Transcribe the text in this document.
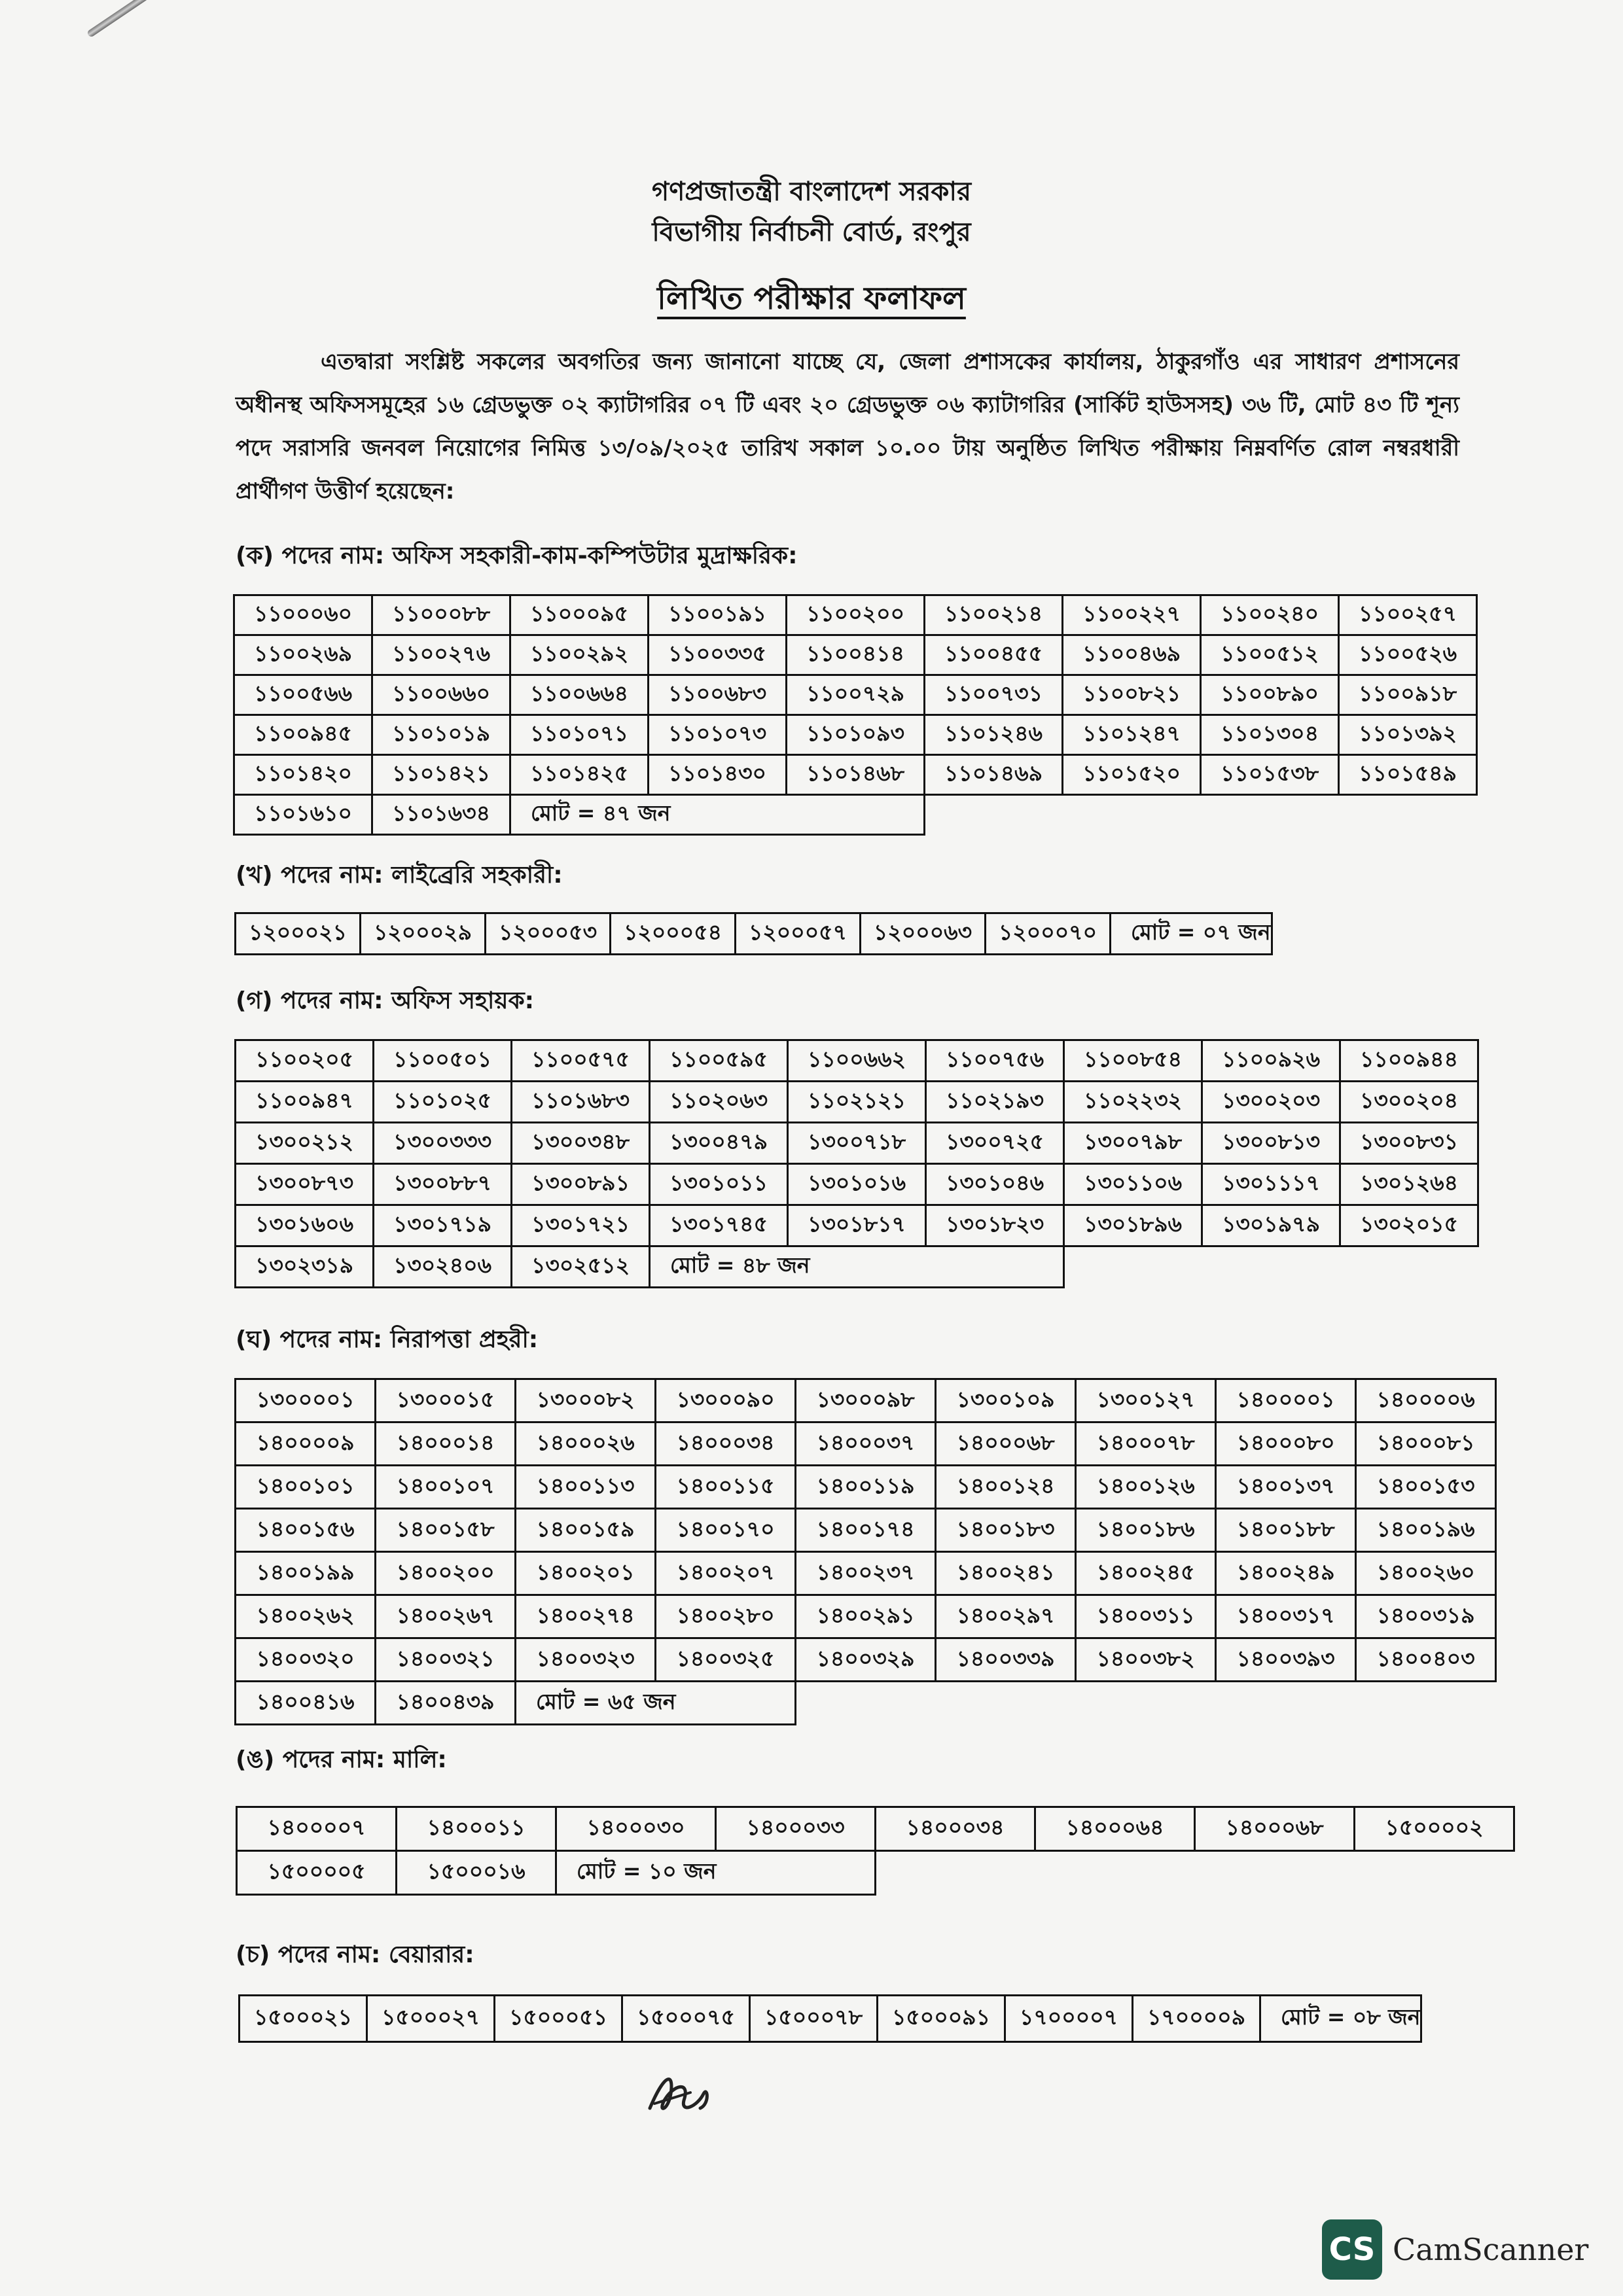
গণপ্রজাতন্ত্রী বাংলাদেশ সরকার
বিভাগীয় নির্বাচনী বোর্ড, রংপুর
লিখিত পরীক্ষার ফলাফল
এতদ্বারা সংশ্লিষ্ট সকলের অবগতির জন্য জানানো যাচ্ছে যে, জেলা প্রশাসকের কার্যালয়, ঠাকুরগাঁও এর সাধারণ প্রশাসনের অধীনস্থ অফিসসমূহের ১৬ গ্রেডভুক্ত ০২ ক্যাটাগরির ০৭ টি এবং ২০ গ্রেডভুক্ত ০৬ ক্যাটাগরির (সার্কিট হাউসসহ) ৩৬ টি, মোট ৪৩ টি শূন্য পদে সরাসরি জনবল নিয়োগের নিমিত্ত ১৩/০৯/২০২৫ তারিখ সকাল ১০.০০ টায় অনুষ্ঠিত লিখিত পরীক্ষায় নিম্নবর্ণিত রোল নম্বরধারী প্রার্থীগণ উত্তীর্ণ হয়েছেন:
(ক) পদের নাম: অফিস সহকারী-কাম-কম্পিউটার মুদ্রাক্ষরিক:
১১০০০৬০	১১০০০৮৮	১১০০০৯৫	১১০০১৯১	১১০০২০০	১১০০২১৪	১১০০২২৭	১১০০২৪০	১১০০২৫৭
১১০০২৬৯	১১০০২৭৬	১১০০২৯২	১১০০৩৩৫	১১০০৪১৪	১১০০৪৫৫	১১০০৪৬৯	১১০০৫১২	১১০০৫২৬
১১০০৫৬৬	১১০০৬৬০	১১০০৬৬৪	১১০০৬৮৩	১১০০৭২৯	১১০০৭৩১	১১০০৮২১	১১০০৮৯০	১১০০৯১৮
১১০০৯৪৫	১১০১০১৯	১১০১০৭১	১১০১০৭৩	১১০১০৯৩	১১০১২৪৬	১১০১২৪৭	১১০১৩০৪	১১০১৩৯২
১১০১৪২০	১১০১৪২১	১১০১৪২৫	১১০১৪৩০	১১০১৪৬৮	১১০১৪৬৯	১১০১৫২০	১১০১৫৩৮	১১০১৫৪৯
১১০১৬১০	১১০১৬৩৪	মোট = ৪৭ জন						
(খ) পদের নাম: লাইব্রেরি সহকারী:
১২০০০২১	১২০০০২৯	১২০০০৫৩	১২০০০৫৪	১২০০০৫৭	১২০০০৬৩	১২০০০৭০	মোট = ০৭ জন
(গ) পদের নাম: অফিস সহায়ক:
১১০০২০৫	১১০০৫০১	১১০০৫৭৫	১১০০৫৯৫	১১০০৬৬২	১১০০৭৫৬	১১০০৮৫৪	১১০০৯২৬	১১০০৯৪৪
১১০০৯৪৭	১১০১০২৫	১১০১৬৮৩	১১০২০৬৩	১১০২১২১	১১০২১৯৩	১১০২২৩২	১৩০০২০৩	১৩০০২০৪
১৩০০২১২	১৩০০৩৩৩	১৩০০৩৪৮	১৩০০৪৭৯	১৩০০৭১৮	১৩০০৭২৫	১৩০০৭৯৮	১৩০০৮১৩	১৩০০৮৩১
১৩০০৮৭৩	১৩০০৮৮৭	১৩০০৮৯১	১৩০১০১১	১৩০১০১৬	১৩০১০৪৬	১৩০১১০৬	১৩০১১১৭	১৩০১২৬৪
১৩০১৬০৬	১৩০১৭১৯	১৩০১৭২১	১৩০১৭৪৫	১৩০১৮১৭	১৩০১৮২৩	১৩০১৮৯৬	১৩০১৯৭৯	১৩০২০১৫
১৩০২৩১৯	১৩০২৪০৬	১৩০২৫১২	মোট = ৪৮ জন					
(ঘ) পদের নাম: নিরাপত্তা প্রহরী:
১৩০০০০১	১৩০০০১৫	১৩০০০৮২	১৩০০০৯০	১৩০০০৯৮	১৩০০১০৯	১৩০০১২৭	১৪০০০০১	১৪০০০০৬
১৪০০০০৯	১৪০০০১৪	১৪০০০২৬	১৪০০০৩৪	১৪০০০৩৭	১৪০০০৬৮	১৪০০০৭৮	১৪০০০৮০	১৪০০০৮১
১৪০০১০১	১৪০০১০৭	১৪০০১১৩	১৪০০১১৫	১৪০০১১৯	১৪০০১২৪	১৪০০১২৬	১৪০০১৩৭	১৪০০১৫৩
১৪০০১৫৬	১৪০০১৫৮	১৪০০১৫৯	১৪০০১৭০	১৪০০১৭৪	১৪০০১৮৩	১৪০০১৮৬	১৪০০১৮৮	১৪০০১৯৬
১৪০০১৯৯	১৪০০২০০	১৪০০২০১	১৪০০২০৭	১৪০০২৩৭	১৪০০২৪১	১৪০০২৪৫	১৪০০২৪৯	১৪০০২৬০
১৪০০২৬২	১৪০০২৬৭	১৪০০২৭৪	১৪০০২৮০	১৪০০২৯১	১৪০০২৯৭	১৪০০৩১১	১৪০০৩১৭	১৪০০৩১৯
১৪০০৩২০	১৪০০৩২১	১৪০০৩২৩	১৪০০৩২৫	১৪০০৩২৯	১৪০০৩৩৯	১৪০০৩৮২	১৪০০৩৯৩	১৪০০৪০৩
১৪০০৪১৬	১৪০০৪৩৯	মোট = ৬৫ জন						
(ঙ) পদের নাম: মালি:
১৪০০০০৭	১৪০০০১১	১৪০০০৩০	১৪০০০৩৩	১৪০০০৩৪	১৪০০০৬৪	১৪০০০৬৮	১৫০০০০২
১৫০০০০৫	১৫০০০১৬	মোট = ১০ জন					
(চ) পদের নাম: বেয়ারার:
১৫০০০২১	১৫০০০২৭	১৫০০০৫১	১৫০০০৭৫	১৫০০০৭৮	১৫০০০৯১	১৭০০০০৭	১৭০০০০৯	মোট = ০৮ জন
CS CamScanner
